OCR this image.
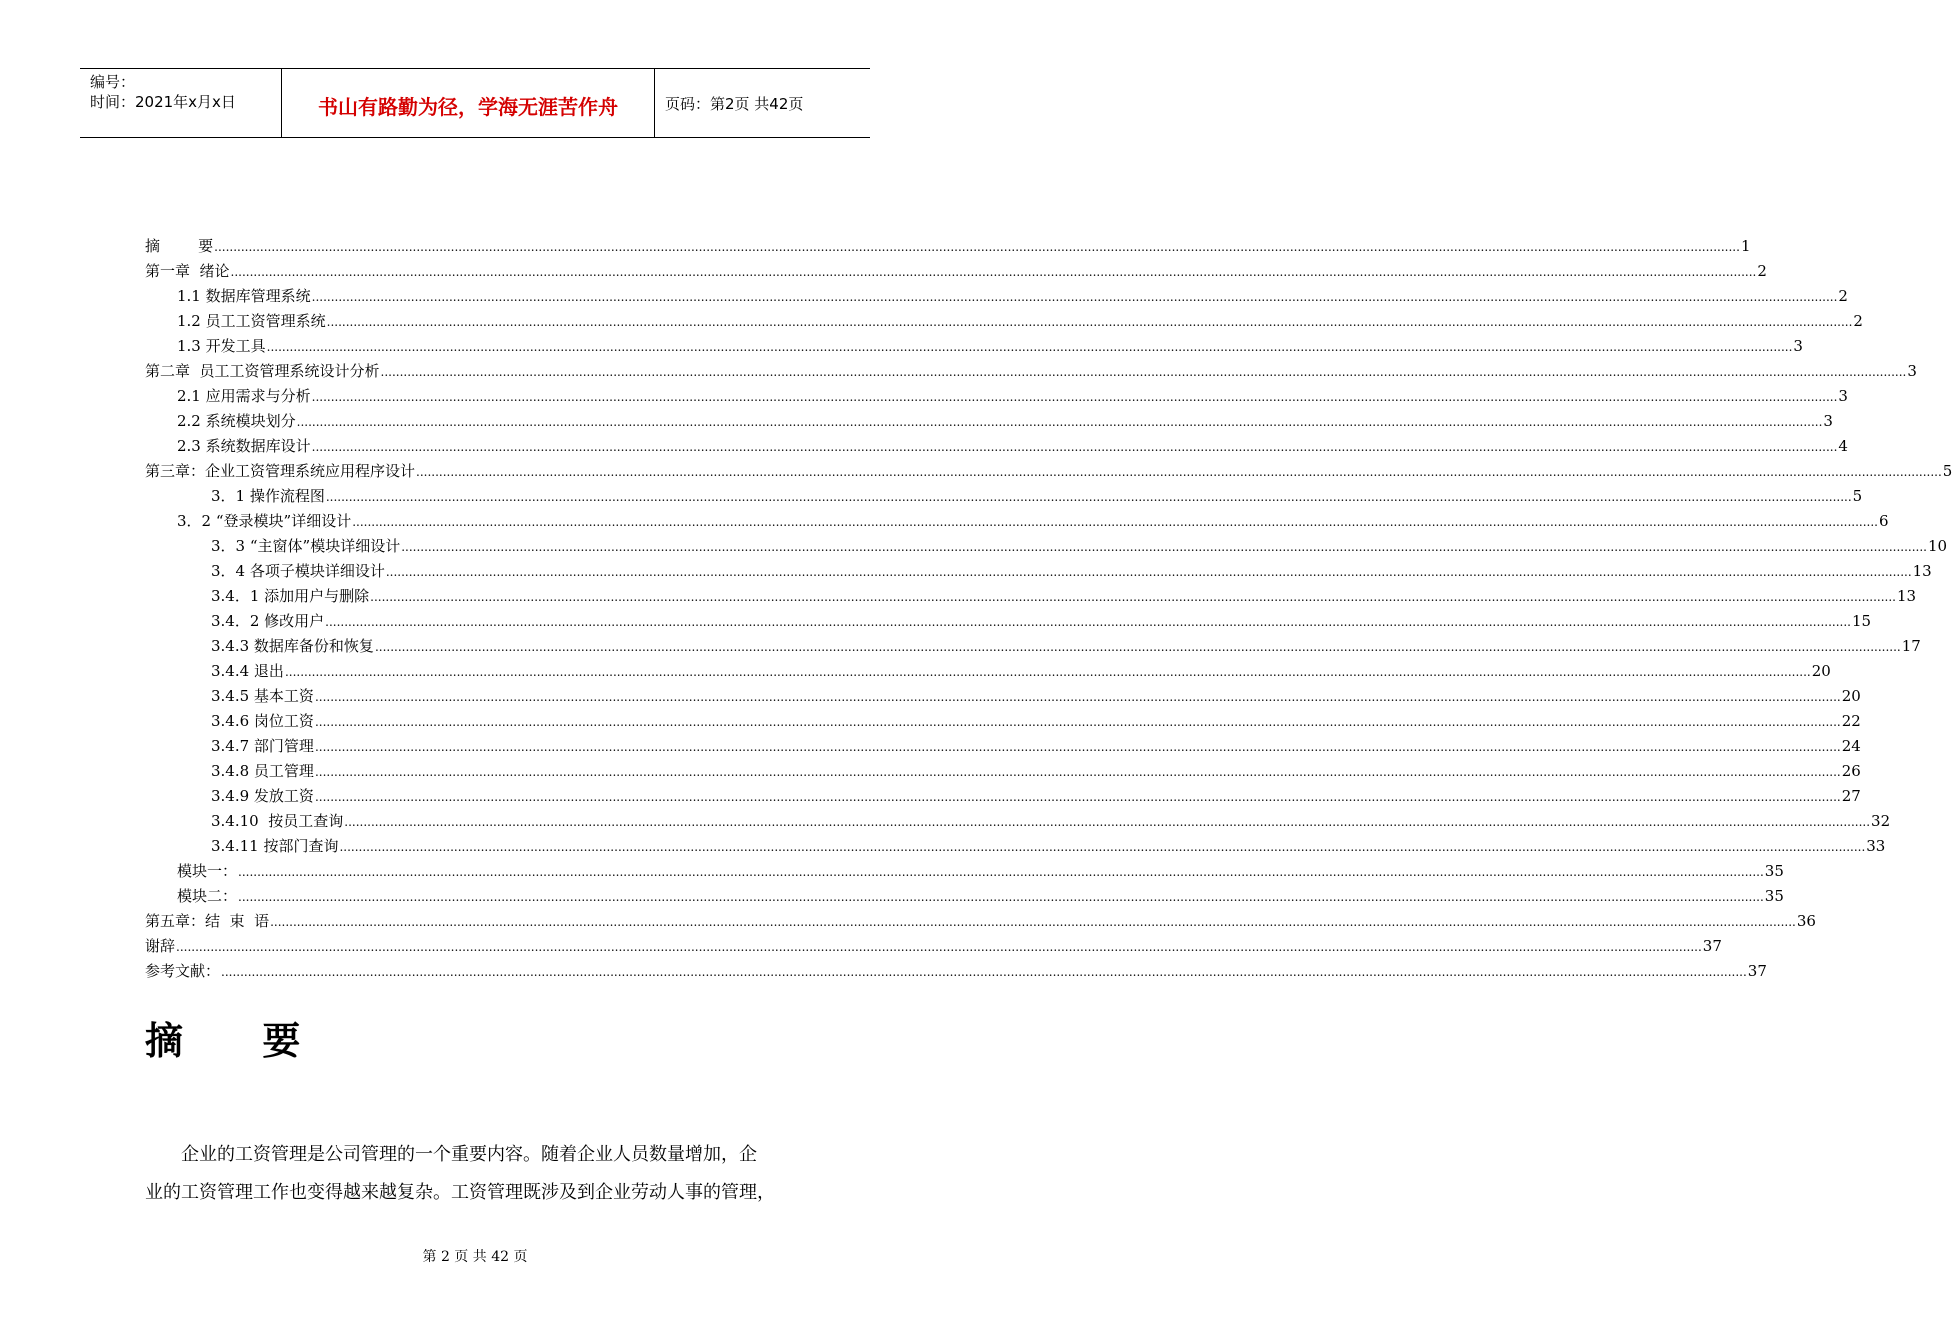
编号：
时间：2021年x月x日	书山有路勤为径，学海无涯苦作舟	页码：第2页 共42页
摘        要 ................................................................................................................................................................................................................................................................................................................................................................................................................ 1
第一章  绪论 ................................................................................................................................................................................................................................................................................................................................................................................................................ 2
1.1 数据库管理系统 ................................................................................................................................................................................................................................................................................................................................................................................................................ 2
1.2 员工工资管理系统 ................................................................................................................................................................................................................................................................................................................................................................................................................ 2
1.3 开发工具 ................................................................................................................................................................................................................................................................................................................................................................................................................ 3
第二章  员工工资管理系统设计分析 ................................................................................................................................................................................................................................................................................................................................................................................................................ 3
2.1 应用需求与分析 ................................................................................................................................................................................................................................................................................................................................................................................................................ 3
2.2 系统模块划分 ................................................................................................................................................................................................................................................................................................................................................................................................................ 3
2.3 系统数据库设计 ................................................................................................................................................................................................................................................................................................................................................................................................................ 4
第三章：企业工资管理系统应用程序设计 ................................................................................................................................................................................................................................................................................................................................................................................................................ 5
3．1 操作流程图 ................................................................................................................................................................................................................................................................................................................................................................................................................ 5
3．2 “登录模块”详细设计 ................................................................................................................................................................................................................................................................................................................................................................................................................ 6
3．3 “主窗体”模块详细设计 ................................................................................................................................................................................................................................................................................................................................................................................................................ 10
3．4 各项子模块详细设计 ................................................................................................................................................................................................................................................................................................................................................................................................................ 13
3.4．1 添加用户与删除 ................................................................................................................................................................................................................................................................................................................................................................................................................ 13
3.4．2 修改用户 ................................................................................................................................................................................................................................................................................................................................................................................................................ 15
3.4.3 数据库备份和恢复 ................................................................................................................................................................................................................................................................................................................................................................................................................ 17
3.4.4 退出 ................................................................................................................................................................................................................................................................................................................................................................................................................ 20
3.4.5 基本工资 ................................................................................................................................................................................................................................................................................................................................................................................................................ 20
3.4.6 岗位工资 ................................................................................................................................................................................................................................................................................................................................................................................................................ 22
3.4.7 部门管理 ................................................................................................................................................................................................................................................................................................................................................................................................................ 24
3.4.8 员工管理 ................................................................................................................................................................................................................................................................................................................................................................................................................ 26
3.4.9 发放工资 ................................................................................................................................................................................................................................................................................................................................................................................................................ 27
3.4.10  按员工查询 ................................................................................................................................................................................................................................................................................................................................................................................................................ 32
3.4.11 按部门查询 ................................................................................................................................................................................................................................................................................................................................................................................................................ 33
模块一： ................................................................................................................................................................................................................................................................................................................................................................................................................ 35
模块二： ................................................................................................................................................................................................................................................................................................................................................................................................................ 35
第五章：结  束  语 ................................................................................................................................................................................................................................................................................................................................................................................................................ 36
谢辞 ................................................................................................................................................................................................................................................................................................................................................................................................................ 37
参考文献： ................................................................................................................................................................................................................................................................................................................................................................................................................ 37
摘      要
　　企业的工资管理是公司管理的一个重要内容。随着企业人员数量增加，企
业的工资管理工作也变得越来越复杂。工资管理既涉及到企业劳动人事的管理，
第 2 页 共 42 页
